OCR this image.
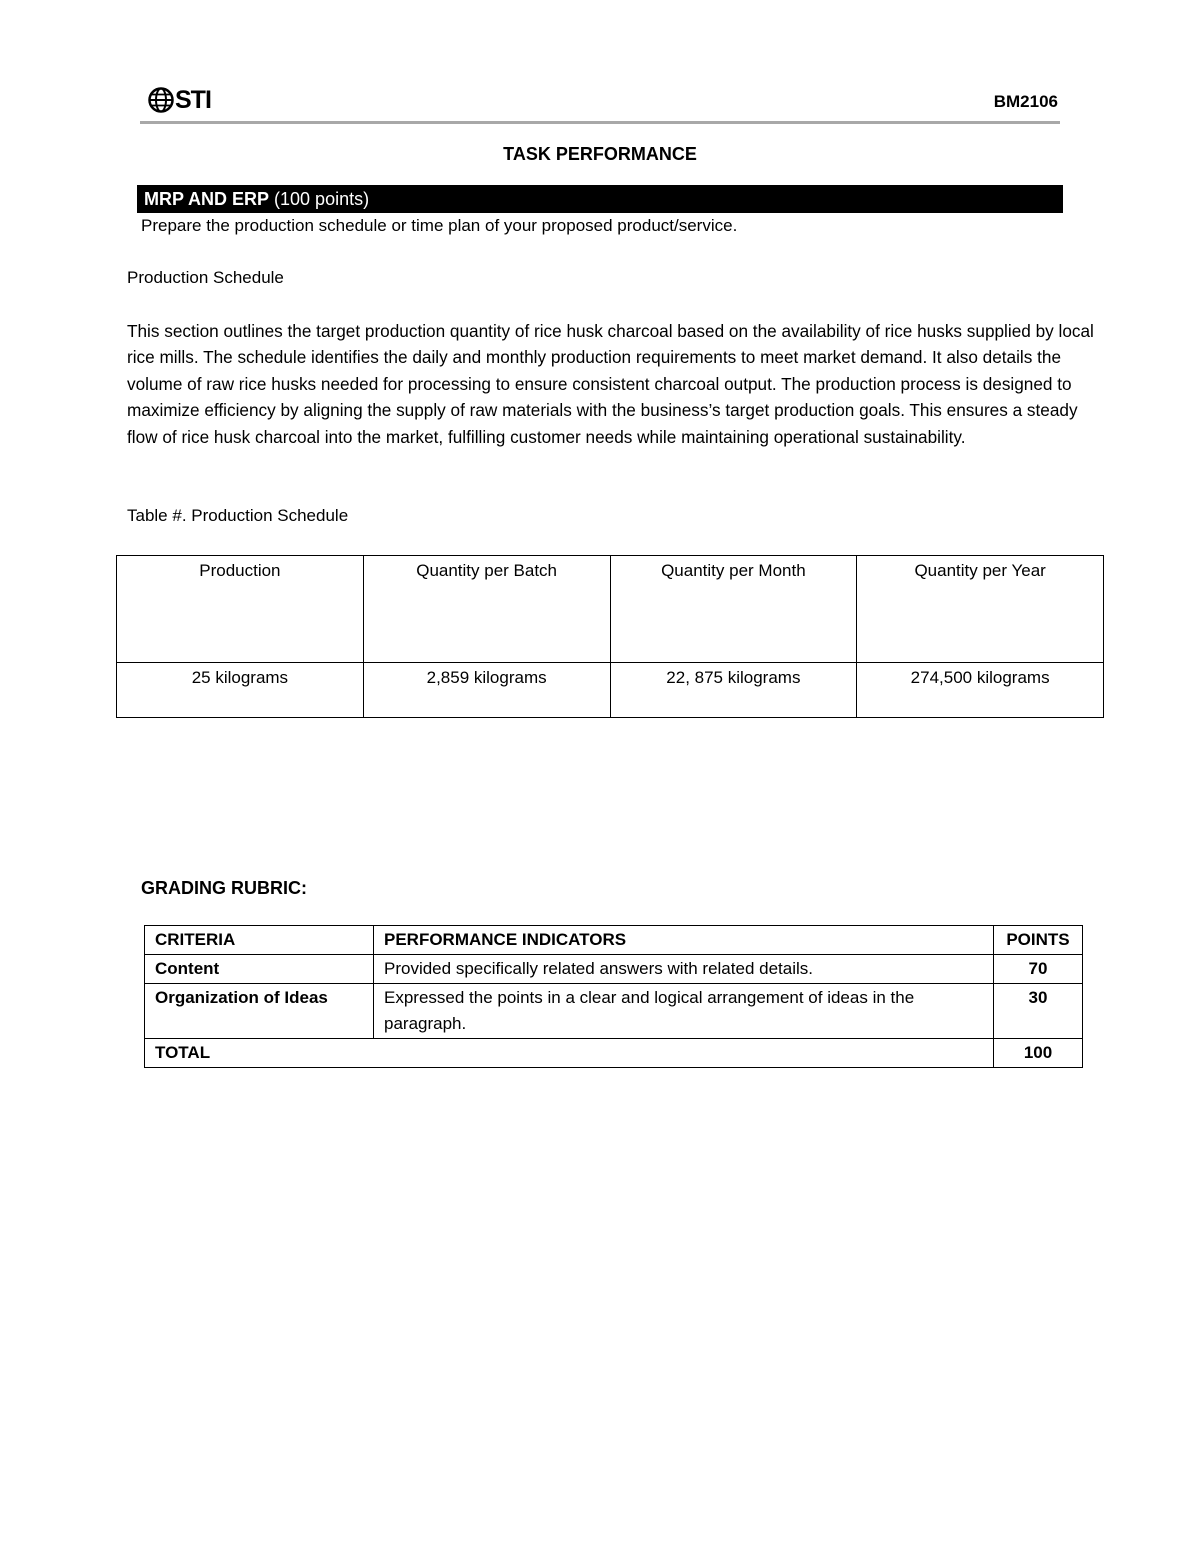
STI	BM2106
TASK PERFORMANCE
MRP AND ERP (100 points)
Prepare the production schedule or time plan of your proposed product/service.
Production Schedule
This section outlines the target production quantity of rice husk charcoal based on the availability of rice husks supplied by local rice mills. The schedule identifies the daily and monthly production requirements to meet market demand. It also details the volume of raw rice husks needed for processing to ensure consistent charcoal output. The production process is designed to maximize efficiency by aligning the supply of raw materials with the business’s target production goals. This ensures a steady flow of rice husk charcoal into the market, fulfilling customer needs while maintaining operational sustainability.
Table #. Production Schedule
Production	Quantity per Batch	Quantity per Month	Quantity per Year
25 kilograms	2,859 kilograms	22, 875 kilograms	274,500 kilograms
GRADING RUBRIC:
CRITERIA	PERFORMANCE INDICATORS	POINTS
Content	Provided specifically related answers with related details.	70
Organization of Ideas	Expressed the points in a clear and logical arrangement of ideas in the paragraph.	30
TOTAL		100
